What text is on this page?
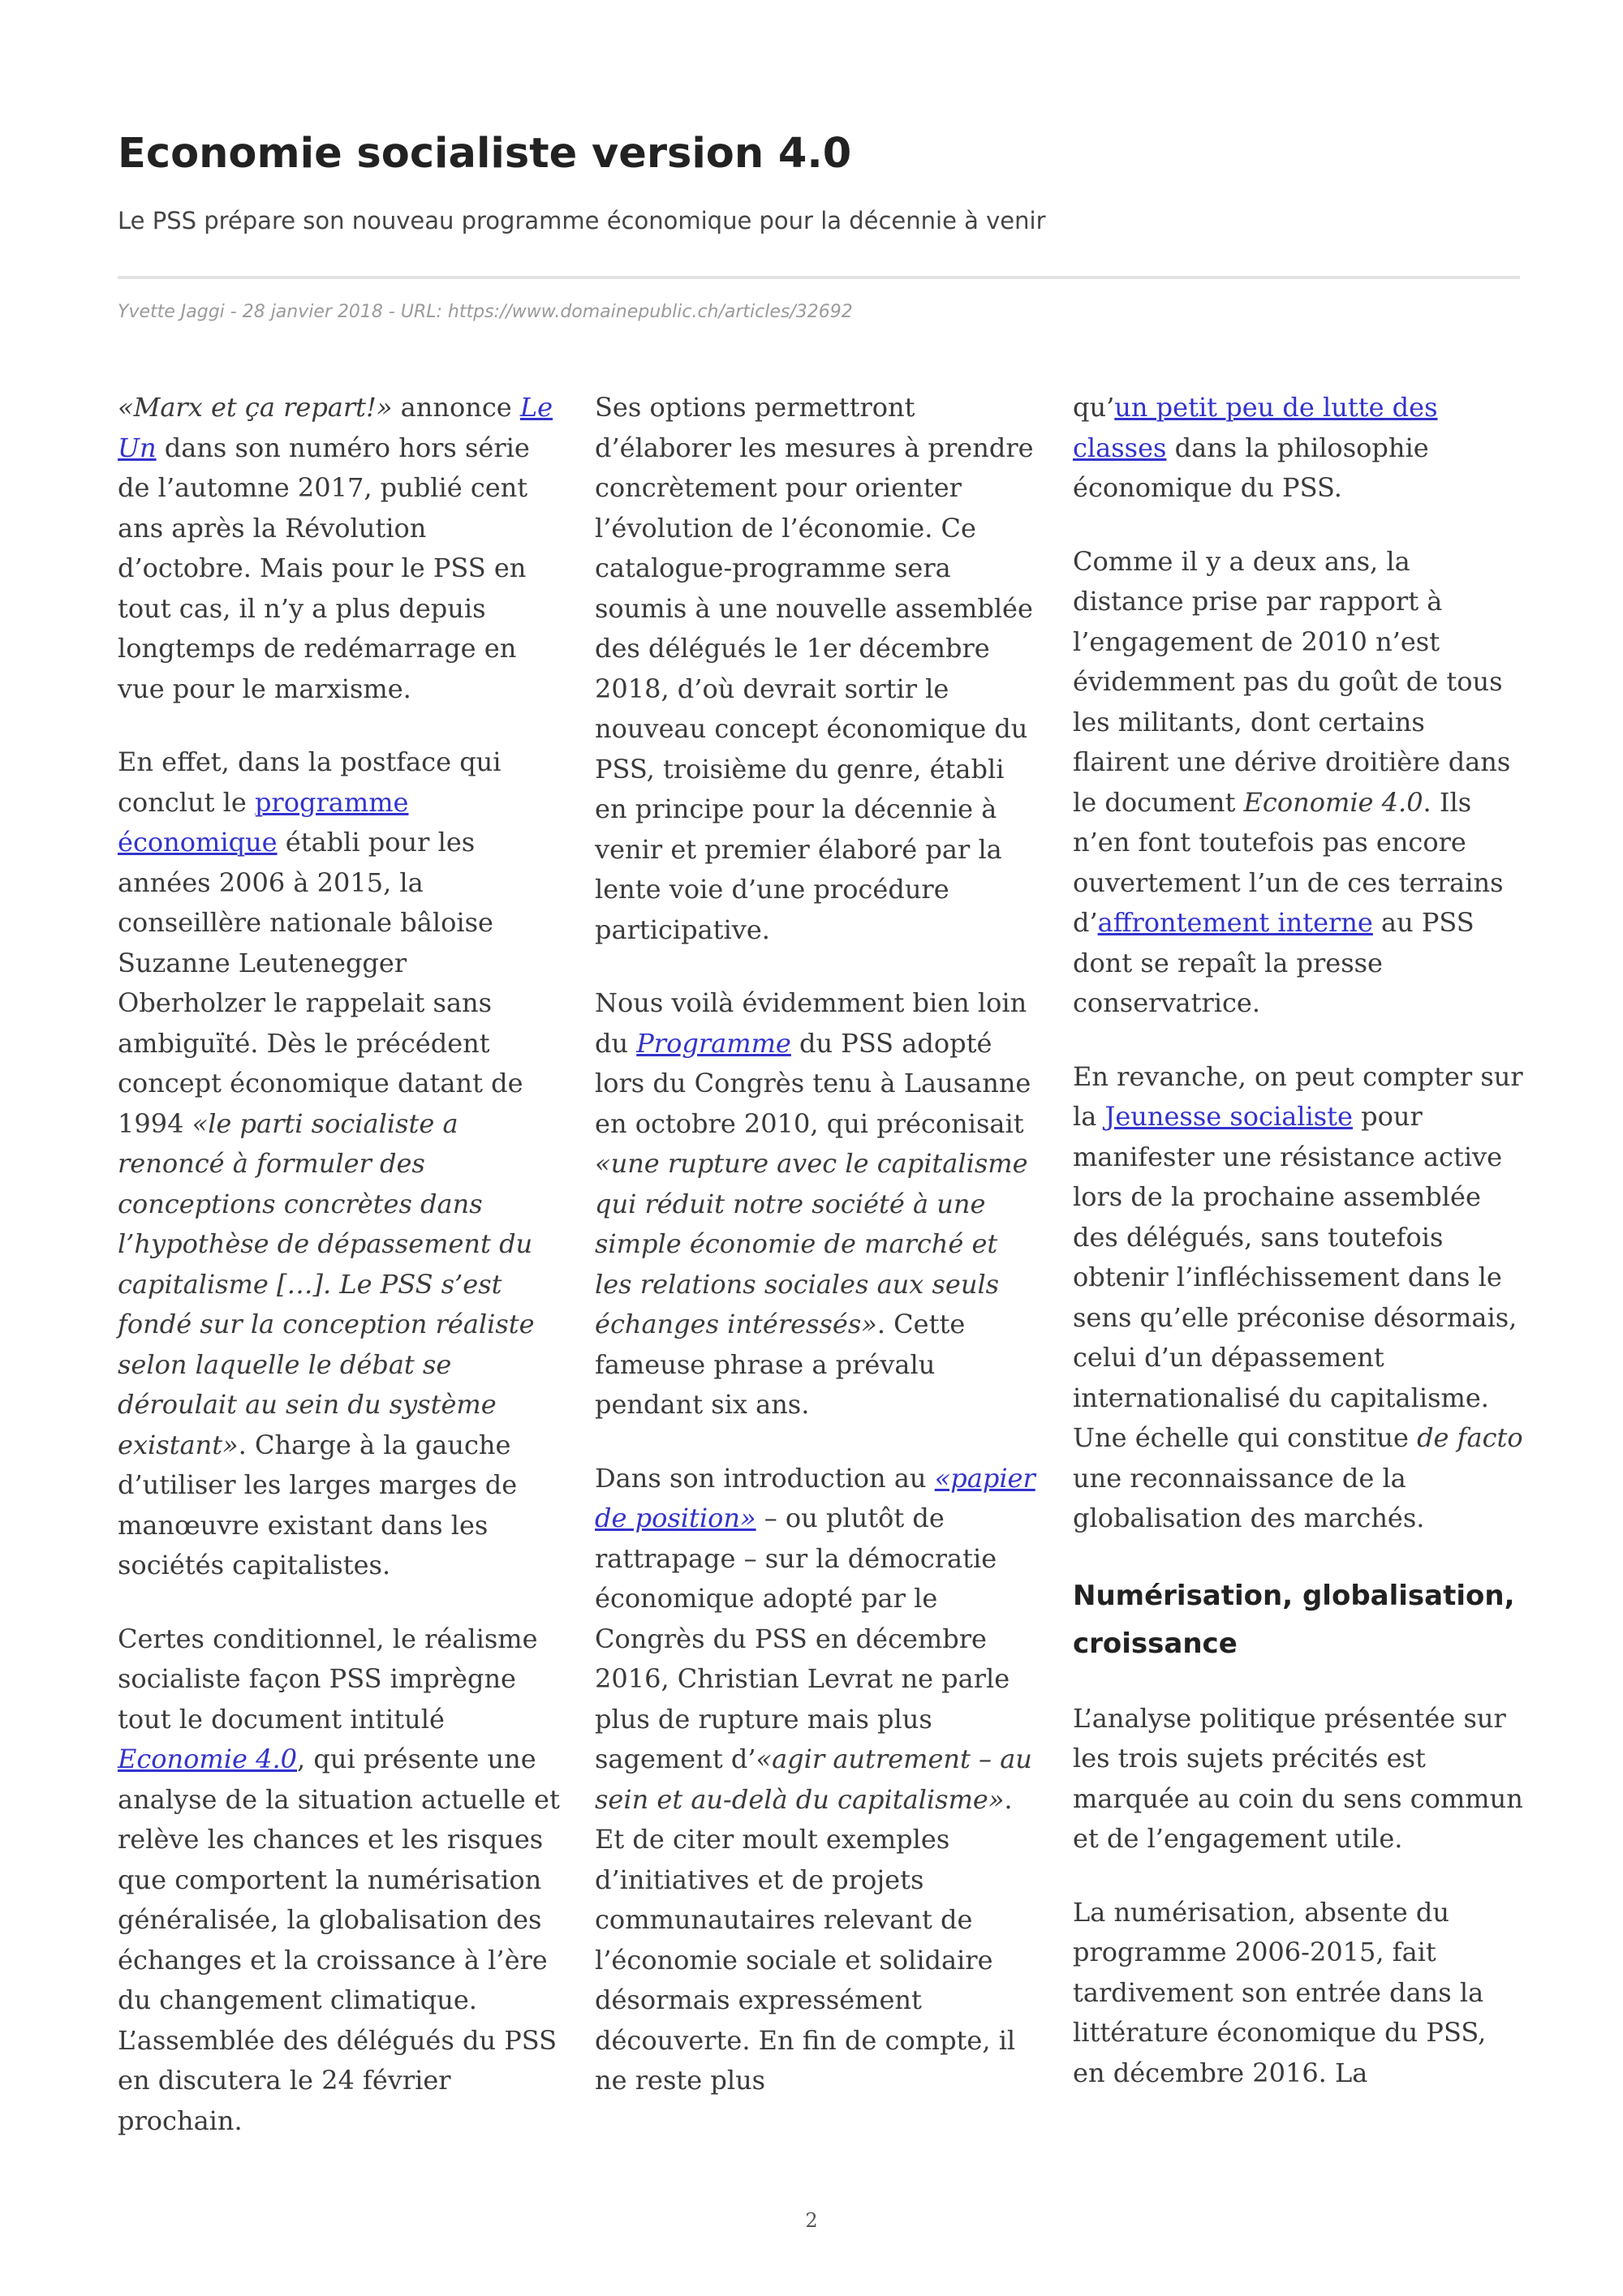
Economie socialiste version 4.0
Le PSS prépare son nouveau programme économique pour la décennie à venir
Yvette Jaggi - 28 janvier 2018 - URL: https://www.domainepublic.ch/articles/32692

«Marx et ça repart!» annonce Le Un dans son numéro hors série de l’automne 2017, publié cent ans après la Révolution d’octobre. Mais pour le PSS en tout cas, il n’y a plus depuis longtemps de redémarrage en vue pour le marxisme.

En effet, dans la postface qui conclut le programme économique établi pour les années 2006 à 2015, la conseillère nationale bâloise Suzanne Leutenegger Oberholzer le rappelait sans ambiguïté. Dès le précédent concept économique datant de 1994 «le parti socialiste a renoncé à formuler des conceptions concrètes dans l’hypothèse de dépassement du capitalisme […]. Le PSS s’est fondé sur la conception réaliste selon laquelle le débat se déroulait au sein du système existant». Charge à la gauche d’utiliser les larges marges de manœuvre existant dans les sociétés capitalistes.

Certes conditionnel, le réalisme socialiste façon PSS imprègne tout le document intitulé Economie 4.0, qui présente une analyse de la situation actuelle et relève les chances et les risques que comportent la numérisation généralisée, la globalisation des échanges et la croissance à l’ère du changement climatique. L’assemblée des délégués du PSS en discutera le 24 février prochain.

Ses options permettront d’élaborer les mesures à prendre concrètement pour orienter l’évolution de l’économie. Ce catalogue-programme sera soumis à une nouvelle assemblée des délégués le 1er décembre 2018, d’où devrait sortir le nouveau concept économique du PSS, troisième du genre, établi en principe pour la décennie à venir et premier élaboré par la lente voie d’une procédure participative.

Nous voilà évidemment bien loin du Programme du PSS adopté lors du Congrès tenu à Lausanne en octobre 2010, qui préconisait «une rupture avec le capitalisme qui réduit notre société à une simple économie de marché et les relations sociales aux seuls échanges intéressés». Cette fameuse phrase a prévalu pendant six ans.

Dans son introduction au «papier de position» – ou plutôt de rattrapage – sur la démocratie économique adopté par le Congrès du PSS en décembre 2016, Christian Levrat ne parle plus de rupture mais plus sagement d’«agir autrement – au sein et au-delà du capitalisme». Et de citer moult exemples d’initiatives et de projets communautaires relevant de l’économie sociale et solidaire désormais expressément découverte. En fin de compte, il ne reste plus

qu’un petit peu de lutte des classes dans la philosophie économique du PSS.

Comme il y a deux ans, la distance prise par rapport à l’engagement de 2010 n’est évidemment pas du goût de tous les militants, dont certains flairent une dérive droitière dans le document Economie 4.0. Ils n’en font toutefois pas encore ouvertement l’un de ces terrains d’affrontement interne au PSS dont se repaît la presse conservatrice.

En revanche, on peut compter sur la Jeunesse socialiste pour manifester une résistance active lors de la prochaine assemblée des délégués, sans toutefois obtenir l’infléchissement dans le sens qu’elle préconise désormais, celui d’un dépassement internationalisé du capitalisme. Une échelle qui constitue de facto une reconnaissance de la globalisation des marchés.

Numérisation, globalisation, croissance

L’analyse politique présentée sur les trois sujets précités est marquée au coin du sens commun et de l’engagement utile.

La numérisation, absente du programme 2006-2015, fait tardivement son entrée dans la littérature économique du PSS, en décembre 2016. La

2
